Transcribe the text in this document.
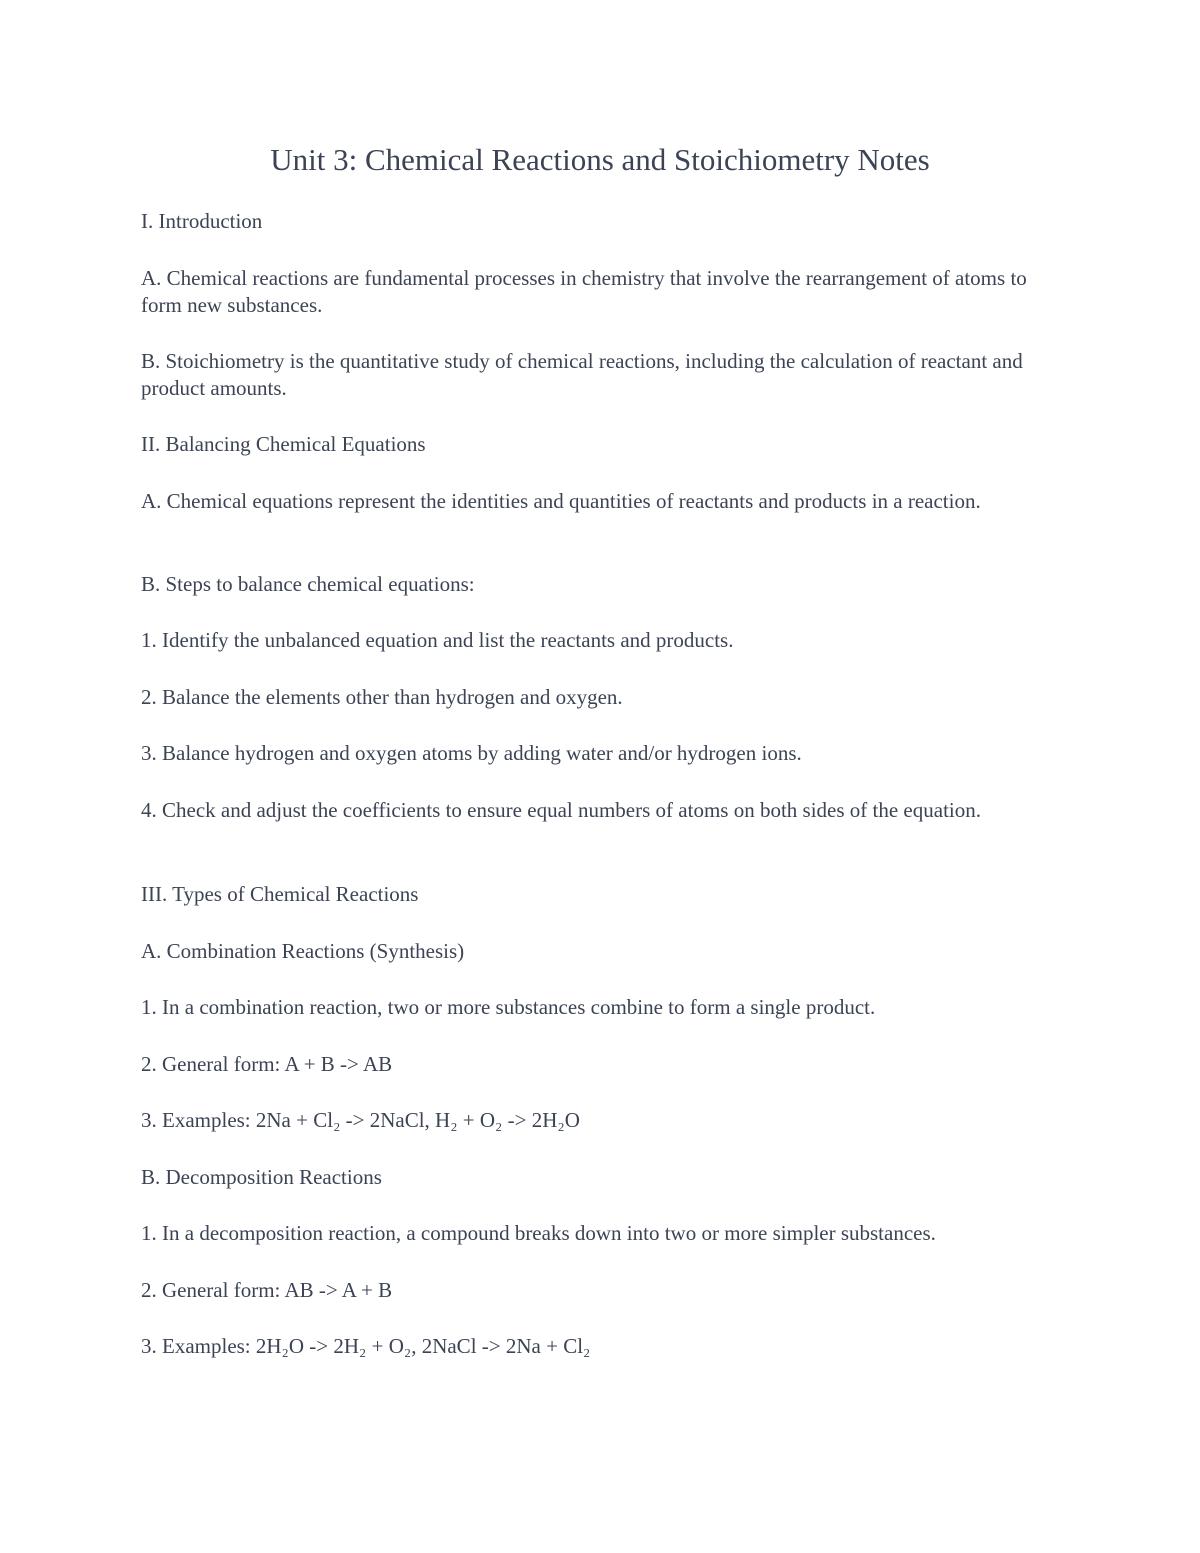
Unit 3: Chemical Reactions and Stoichiometry Notes

I. Introduction

A. Chemical reactions are fundamental processes in chemistry that involve the rearrangement of atoms to form new substances.

B. Stoichiometry is the quantitative study of chemical reactions, including the calculation of reactant and product amounts.

II. Balancing Chemical Equations

A. Chemical equations represent the identities and quantities of reactants and products in a reaction.

B. Steps to balance chemical equations:

1. Identify the unbalanced equation and list the reactants and products.

2. Balance the elements other than hydrogen and oxygen.

3. Balance hydrogen and oxygen atoms by adding water and/or hydrogen ions.

4. Check and adjust the coefficients to ensure equal numbers of atoms on both sides of the equation.

III. Types of Chemical Reactions

A. Combination Reactions (Synthesis)

1. In a combination reaction, two or more substances combine to form a single product.

2. General form: A + B -> AB

3. Examples: 2Na + Cl₂ -> 2NaCl, H₂ + O₂ -> 2H₂O

B. Decomposition Reactions

1. In a decomposition reaction, a compound breaks down into two or more simpler substances.

2. General form: AB -> A + B

3. Examples: 2H₂O -> 2H₂ + O₂, 2NaCl -> 2Na + Cl₂
